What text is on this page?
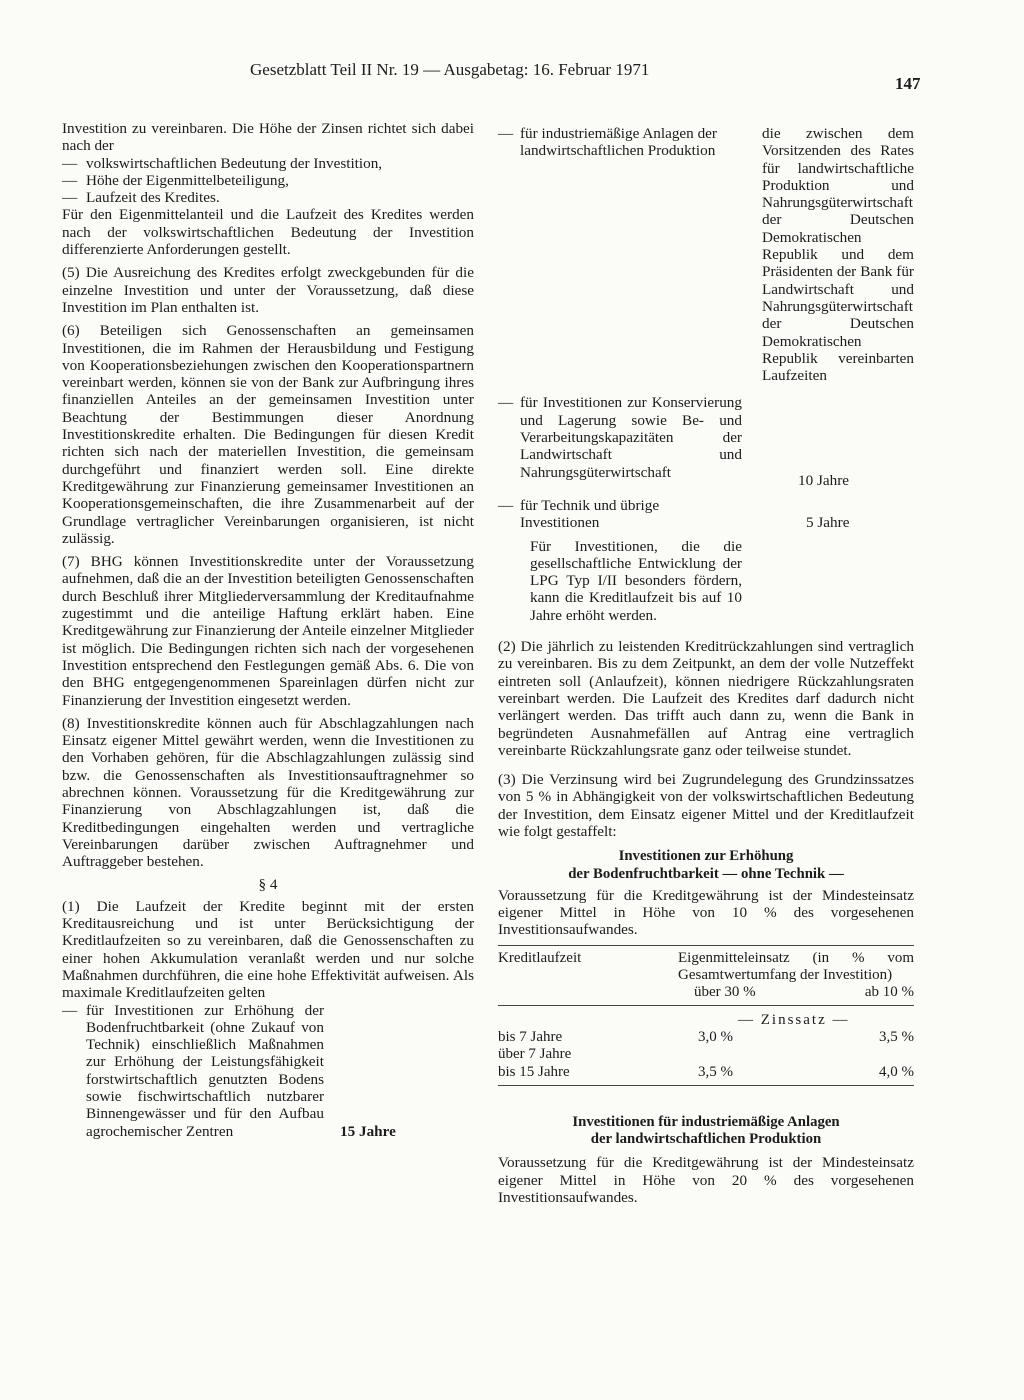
Gesetzblatt Teil II Nr. 19 — Ausgabetag: 16. Februar 1971
147

Investition zu vereinbaren. Die Höhe der Zinsen richtet sich dabei nach der

— volkswirtschaftlichen Bedeutung der Investition,
— Höhe der Eigenmittelbeteiligung,
— Laufzeit des Kredites.

Für den Eigenmittelanteil und die Laufzeit des Kredites werden nach der volkswirtschaftlichen Bedeutung der Investition differenzierte Anforderungen gestellt.

(5) Die Ausreichung des Kredites erfolgt zweckgebunden für die einzelne Investition und unter der Voraussetzung, daß diese Investition im Plan enthalten ist.

(6) Beteiligen sich Genossenschaften an gemeinsamen Investitionen, die im Rahmen der Herausbildung und Festigung von Kooperationsbeziehungen zwischen den Kooperationspartnern vereinbart werden, können sie von der Bank zur Aufbringung ihres finanziellen Anteiles an der gemeinsamen Investition unter Beachtung der Bestimmungen dieser Anordnung Investitionskredite erhalten. Die Bedingungen für diesen Kredit richten sich nach der materiellen Investition, die gemeinsam durchgeführt und finanziert werden soll. Eine direkte Kreditgewährung zur Finanzierung gemeinsamer Investitionen an Kooperationsgemeinschaften, die ihre Zusammenarbeit auf der Grundlage vertraglicher Vereinbarungen organisieren, ist nicht zulässig.

(7) BHG können Investitionskredite unter der Voraussetzung aufnehmen, daß die an der Investition beteiligten Genossenschaften durch Beschluß ihrer Mitgliederversammlung der Kreditaufnahme zugestimmt und die anteilige Haftung erklärt haben. Eine Kreditgewährung zur Finanzierung der Anteile einzelner Mitglieder ist möglich. Die Bedingungen richten sich nach der vorgesehenen Investition entsprechend den Festlegungen gemäß Abs. 6. Die von den BHG entgegengenommenen Spareinlagen dürfen nicht zur Finanzierung der Investition eingesetzt werden.

(8) Investitionskredite können auch für Abschlagzahlungen nach Einsatz eigener Mittel gewährt werden, wenn die Investitionen zu den Vorhaben gehören, für die Abschlagzahlungen zulässig sind bzw. die Genossenschaften als Investitionsauftragnehmer so abrechnen können. Voraussetzung für die Kreditgewährung zur Finanzierung von Abschlagzahlungen ist, daß die Kreditbedingungen eingehalten werden und vertragliche Vereinbarungen darüber zwischen Auftragnehmer und Auftraggeber bestehen.

§ 4

(1) Die Laufzeit der Kredite beginnt mit der ersten Kreditausreichung und ist unter Berücksichtigung der Kreditlaufzeiten so zu vereinbaren, daß die Genossenschaften zu einer hohen Akkumulation veranlaßt werden und nur solche Maßnahmen durchführen, die eine hohe Effektivität aufweisen. Als maximale Kreditlaufzeiten gelten

— für Investitionen zur Erhöhung der Bodenfruchtbarkeit (ohne Zukauf von Technik) einschließlich Maßnahmen zur Erhöhung der Leistungsfähigkeit forstwirtschaftlich genutzten Bodens sowie fischwirtschaftlich nutzbarer Binnengewässer und für den Aufbau agrochemischer Zentren	15 Jahre
— für industriemäßige Anlagen der landwirtschaftlichen Produktion
die zwischen dem Vorsitzenden des Rates für landwirtschaftliche Produktion und Nahrungsgüterwirtschaft der Deutschen Demokratischen Republik und dem Präsidenten der Bank für Landwirtschaft und Nahrungsgüterwirtschaft der Deutschen Demokratischen Republik vereinbarten Laufzeiten
— für Investitionen zur Konservierung und Lagerung sowie Be- und Verarbeitungskapazitäten der Landwirtschaft und Nahrungsgüterwirtschaft	10 Jahre
— für Technik und übrige Investitionen	5 Jahre

Für Investitionen, die die gesellschaftliche Entwicklung der LPG Typ I/II besonders fördern, kann die Kreditlaufzeit bis auf 10 Jahre erhöht werden.

(2) Die jährlich zu leistenden Kreditrückzahlungen sind vertraglich zu vereinbaren. Bis zu dem Zeitpunkt, an dem der volle Nutzeffekt eintreten soll (Anlaufzeit), können niedrigere Rückzahlungsraten vereinbart werden. Die Laufzeit des Kredites darf dadurch nicht verlängert werden. Das trifft auch dann zu, wenn die Bank in begründeten Ausnahmefällen auf Antrag eine vertraglich vereinbarte Rückzahlungsrate ganz oder teilweise stundet.

(3) Die Verzinsung wird bei Zugrundelegung des Grundzinssatzes von 5 % in Abhängigkeit von der volkswirtschaftlichen Bedeutung der Investition, dem Einsatz eigener Mittel und der Kreditlaufzeit wie folgt gestaffelt:

Investitionen zur Erhöhung
der Bodenfruchtbarkeit — ohne Technik —

Voraussetzung für die Kreditgewährung ist der Mindesteinsatz eigener Mittel in Höhe von 10 % des vorgesehenen Investitionsaufwandes.

Kreditlaufzeit	Eigenmitteleinsatz (in % vom Gesamtwertumfang der Investition)
über 30 %	ab 10 %
— Zinssatz —
bis 7 Jahre	3,0 %	3,5 %
über 7 Jahre
bis 15 Jahre	3,5 %	4,0 %
Investitionen für industriemäßige Anlagen
der landwirtschaftlichen Produktion

Voraussetzung für die Kreditgewährung ist der Mindesteinsatz eigener Mittel in Höhe von 20 % des vorgesehenen Investitionsaufwandes.
